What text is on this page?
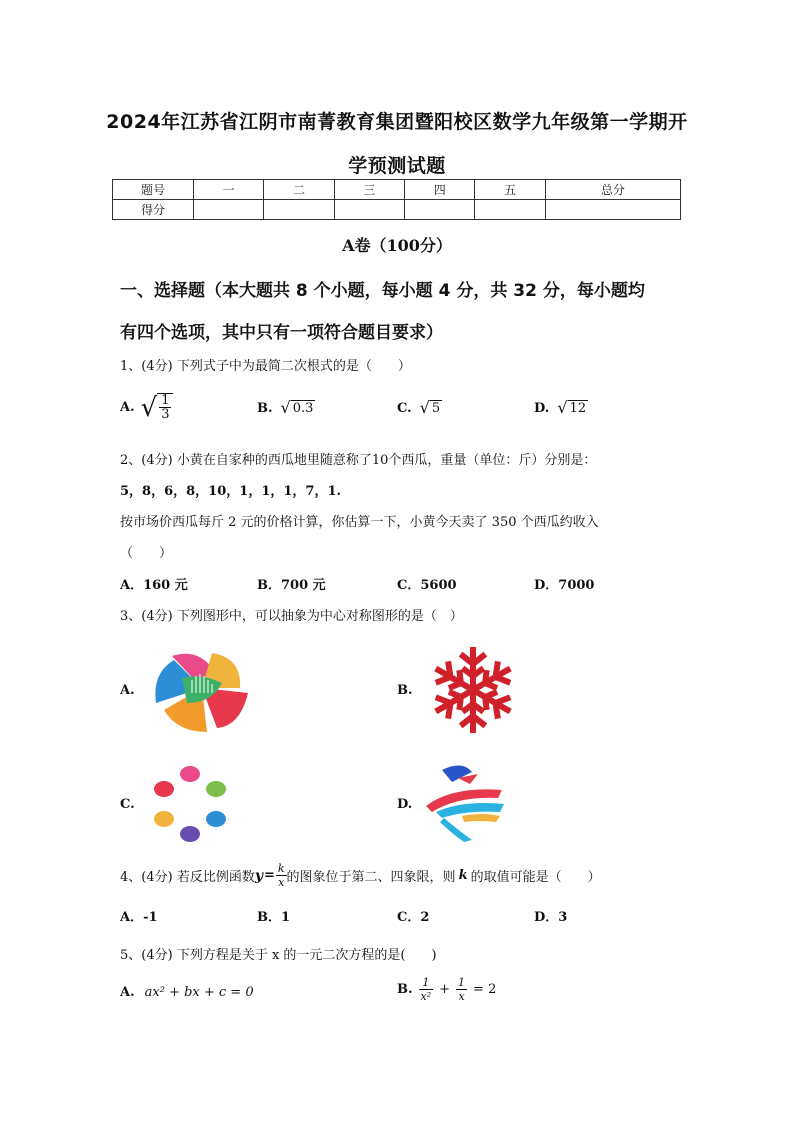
2024年江苏省江阴市南菁教育集团暨阳校区数学九年级第一学期开
学预测试题
题号	一	二	三	四	五	总分
得分						
A卷（100分）
一、选择题（本大题共 8 个小题，每小题 4 分，共 32 分，每小题均
有四个选项，其中只有一项符合题目要求）
1、(4分) 下列式子中为最简二次根式的是（　　）
A. √ $\frac{1}{3}$	B. √ 0.3	C. √ 5	D. √ 12
2、(4分) 小黄在自家种的西瓜地里随意称了10个西瓜，重量（单位：斤）分别是：
5，8，6，8，10，1，1，1，7，1.
按市场价西瓜每斤 2 元的价格计算，你估算一下，小黄今天卖了 350 个西瓜约收入
（　　）
A．160 元	B．700 元	C．5600	D．7000
3、(4分) 下列图形中，可以抽象为中心对称图形的是（　）
A.	B.
C.	D.
4、(4分) 若反比例函数 $y = \frac{k}{x}$ 的图象位于第二、四象限，则 k 的取值可能是（　　）
A．-1	B．1	C．2	D．3
5、(4分) 下列方程是关于 x 的一元二次方程的是(　　)
A. ax² + bx + c = 0	B. $\frac{1}{\text{x²}} + \frac{1}{x} = 2$
